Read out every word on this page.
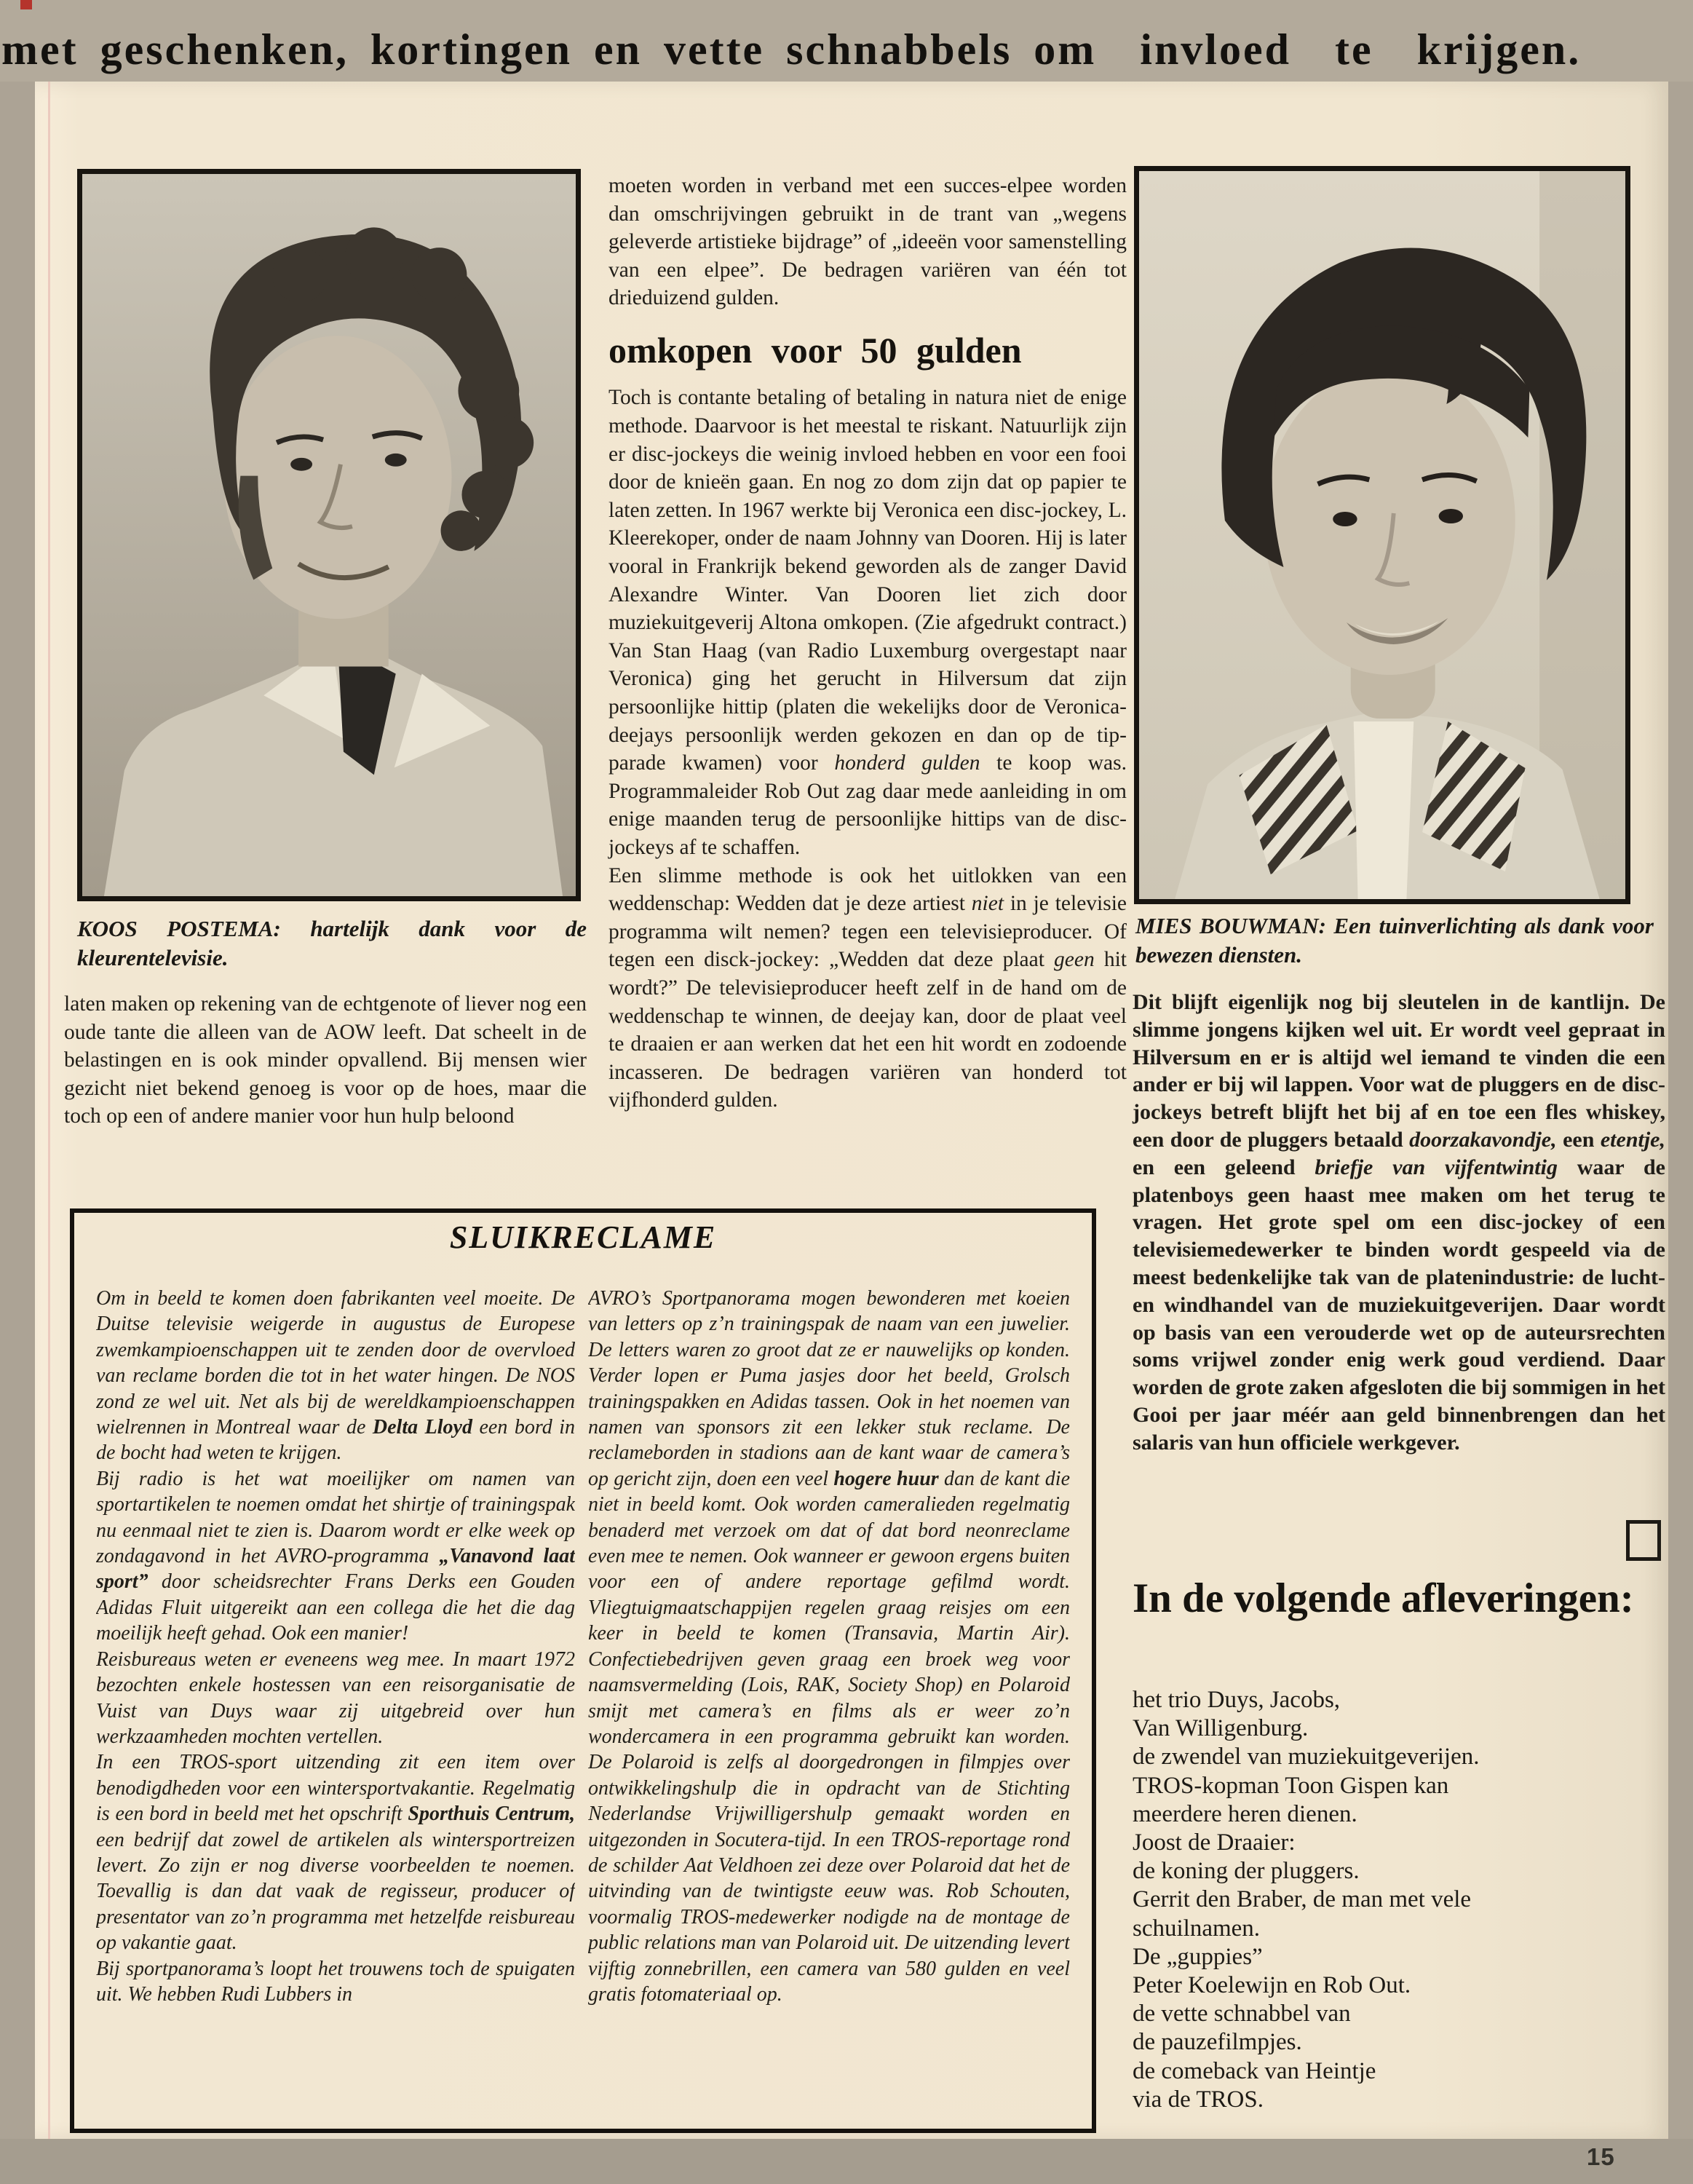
met geschenken, kortingen en vette schnabbels om  invloed  te  krijgen.
KOOS POSTEMA: hartelijk dank voor de kleurentelevisie.
MIES BOUWMAN: Een tuinverlichting als dank voor bewezen diensten.

moeten worden in verband met een succes-elpee worden dan omschrijvingen gebruikt in de trant van „wegens geleverde artistieke bijdrage” of „ideeën voor samenstelling van een elpee”. De bedragen variëren van één tot drieduizend gulden.

omkopen voor 50 gulden

Toch is contante betaling of betaling in natura niet de enige methode. Daarvoor is het meestal te riskant. Natuurlijk zijn er disc-jockeys die weinig invloed hebben en voor een fooi door de knieën gaan. En nog zo dom zijn dat op papier te laten zetten. In 1967 werkte bij Veronica een disc-jockey, L. Kleerekoper, onder de naam Johnny van Dooren. Hij is later vooral in Frankrijk bekend geworden als de zanger David Alexandre Winter. Van Dooren liet zich door muziekuitgeverij Altona omkopen. (Zie afgedrukt contract.) Van Stan Haag (van Radio Luxemburg overgestapt naar Veronica) ging het gerucht in Hilversum dat zijn persoonlijke hittip (platen die wekelijks door de Veronica-deejays persoonlijk werden gekozen en dan op de tip-parade kwamen) voor honderd gulden te koop was. Programmaleider Rob Out zag daar mede aanleiding in om enige maanden terug de persoonlijke hittips van de disc-jockeys af te schaffen.

Een slimme methode is ook het uitlokken van een weddenschap: Wedden dat je deze artiest niet in je televisie programma wilt nemen? tegen een televisieproducer. Of tegen een disck-jockey: „Wedden dat deze plaat geen hit wordt?” De televisieproducer heeft zelf in de hand om de weddenschap te winnen, de deejay kan, door de plaat veel te draaien er aan werken dat het een hit wordt en zodoende incasseren. De bedragen variëren van honderd tot vijfhonderd gulden.

laten maken op rekening van de echtgenote of liever nog een oude tante die alleen van de AOW leeft. Dat scheelt in de belastingen en is ook minder opvallend. Bij mensen wier gezicht niet bekend genoeg is voor op de hoes, maar die toch op een of andere manier voor hun hulp beloond

Dit blijft eigenlijk nog bij sleutelen in de kantlijn. De slimme jongens kijken wel uit. Er wordt veel gepraat in Hilversum en er is altijd wel iemand te vinden die een ander er bij wil lappen. Voor wat de pluggers en de disc-jockeys betreft blijft het bij af en toe een fles whiskey, een door de pluggers betaald doorzakavondje, een etentje, en een geleend briefje van vijfentwintig waar de platenboys geen haast mee maken om het terug te vragen. Het grote spel om een disc-jockey of een televisiemedewerker te binden wordt gespeeld via de meest bedenkelijke tak van de platenindustrie: de lucht- en windhandel van de muziekuitgeverijen. Daar wordt op basis van een verouderde wet op de auteursrechten soms vrijwel zonder enig werk goud verdiend. Daar worden de grote zaken afgesloten die bij sommigen in het Gooi per jaar méér aan geld binnenbrengen dan het salaris van hun officiele werkgever.

In de volgende afleveringen:
het trio Duys, Jacobs,
Van Willigenburg.
de zwendel van muziekuitgeverijen.
TROS-kopman Toon Gispen kan
meerdere heren dienen.
Joost de Draaier:
de koning der pluggers.
Gerrit den Braber, de man met vele
schuilnamen.
De „guppies”
Peter Koelewijn en Rob Out.
de vette schnabbel van
de pauzefilmpjes.
de comeback van Heintje
via de TROS.
SLUIKRECLAME

Om in beeld te komen doen fabrikanten veel moeite. De Duitse televisie weigerde in augustus de Europese zwemkampioenschappen uit te zenden door de overvloed van reclame borden die tot in het water hingen. De NOS zond ze wel uit. Net als bij de wereldkampioenschappen wielrennen in Montreal waar de Delta Lloyd een bord in de bocht had weten te krijgen.

Bij radio is het wat moeilijker om namen van sportartikelen te noemen omdat het shirtje of trainingspak nu eenmaal niet te zien is. Daarom wordt er elke week op zondagavond in het AVRO-programma „Vanavond laat sport” door scheidsrechter Frans Derks een Gouden Adidas Fluit uitgereikt aan een collega die het die dag moeilijk heeft gehad. Ook een manier!

Reisbureaus weten er eveneens weg mee. In maart 1972 bezochten enkele hostessen van een reisorganisatie de Vuist van Duys waar zij uitgebreid over hun werkzaamheden mochten vertellen.

In een TROS-sport uitzending zit een item over benodigdheden voor een wintersportvakantie. Regelmatig is een bord in beeld met het opschrift Sporthuis Centrum, een bedrijf dat zowel de artikelen als wintersportreizen levert. Zo zijn er nog diverse voorbeelden te noemen. Toevallig is dan dat vaak de regisseur, producer of presentator van zo’n programma met hetzelfde reisbureau op vakantie gaat.

Bij sportpanorama’s loopt het trouwens toch de spuigaten uit. We hebben Rudi Lubbers in

AVRO’s Sportpanorama mogen bewonderen met koeien van letters op z’n trainingspak de naam van een juwelier. De letters waren zo groot dat ze er nauwelijks op konden. Verder lopen er Puma jasjes door het beeld, Grolsch trainingspakken en Adidas tassen. Ook in het noemen van namen van sponsors zit een lekker stuk reclame. De reclameborden in stadions aan de kant waar de camera’s op gericht zijn, doen een veel hogere huur dan de kant die niet in beeld komt. Ook worden cameralieden regelmatig benaderd met verzoek om dat of dat bord neonreclame even mee te nemen. Ook wanneer er gewoon ergens buiten voor een of andere reportage gefilmd wordt. Vliegtuigmaatschappijen regelen graag reisjes om een keer in beeld te komen (Transavia, Martin Air). Confectiebedrijven geven graag een broek weg voor naamsvermelding (Lois, RAK, Society Shop) en Polaroid smijt met camera’s en films als er weer zo’n wondercamera in een programma gebruikt kan worden. De Polaroid is zelfs al doorgedrongen in filmpjes over ontwikkelingshulp die in opdracht van de Stichting Nederlandse Vrijwilligershulp gemaakt worden en uitgezonden in Socutera-tijd. In een TROS-reportage rond de schilder Aat Veldhoen zei deze over Polaroid dat het de uitvinding van de twintigste eeuw was. Rob Schouten, voormalig TROS-medewerker nodigde na de montage de public relations man van Polaroid uit. De uitzending levert vijftig zonnebrillen, een camera van 580 gulden en veel gratis fotomateriaal op.

15
